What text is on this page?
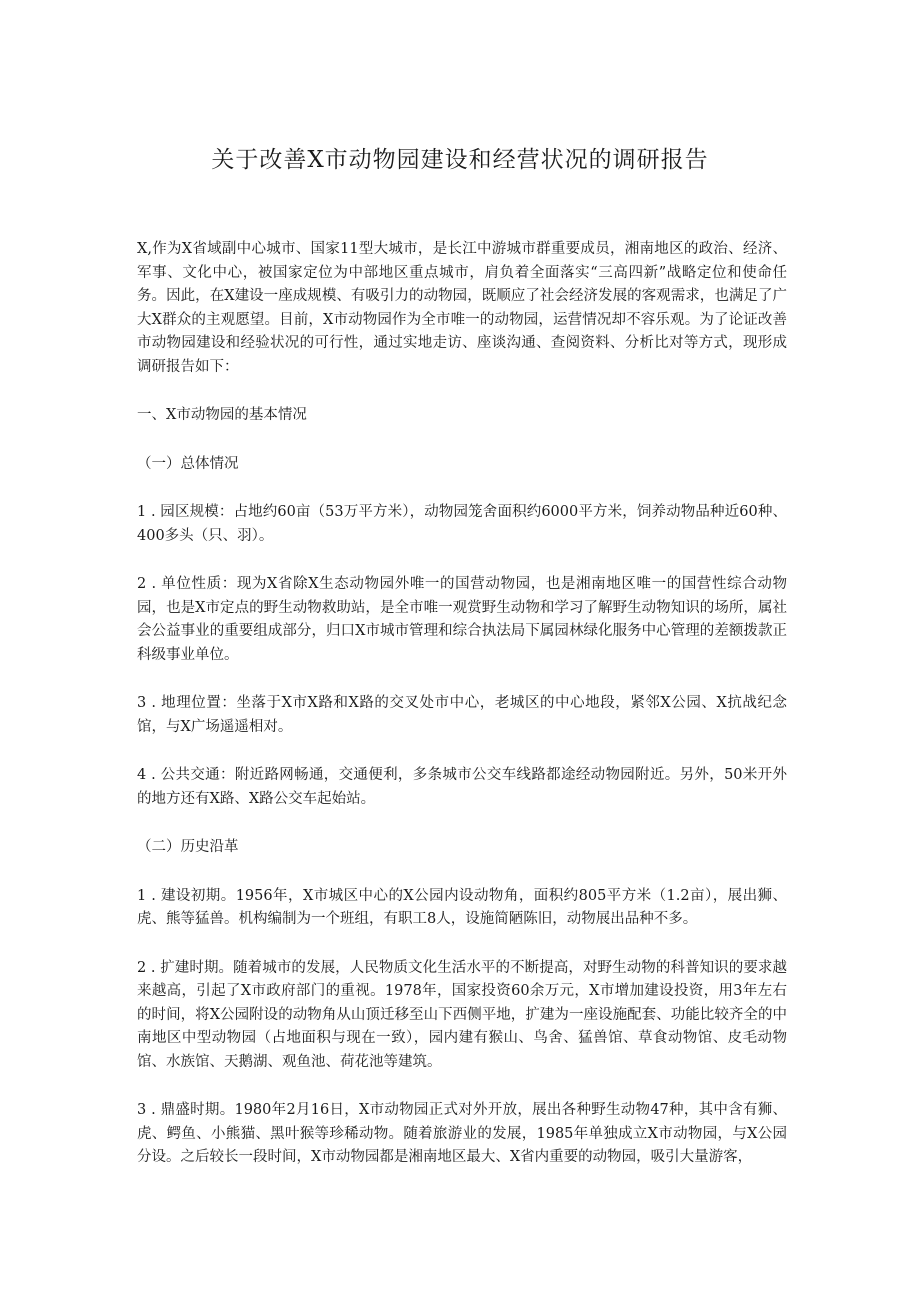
关于改善X市动物园建设和经营状况的调研报告

X,作为X省域副中心城市、国家11型大城市，是长江中游城市群重要成员，湘南地区的政治、经济、军事、文化中心，被国家定位为中部地区重点城市，肩负着全面落实“三高四新”战略定位和使命任务。因此，在X建设一座成规模、有吸引力的动物园，既顺应了社会经济发展的客观需求，也满足了广大X群众的主观愿望。目前，X市动物园作为全市唯一的动物园，运营情况却不容乐观。为了论证改善市动物园建设和经验状况的可行性，通过实地走访、座谈沟通、查阅资料、分析比对等方式，现形成调研报告如下：

一、X市动物园的基本情况

（一）总体情况

1 . 园区规模：占地约60亩（53万平方米），动物园笼舍面积约6000平方米，饲养动物品种近60种、400多头（只、羽）。

2 . 单位性质：现为X省除X生态动物园外唯一的国营动物园，也是湘南地区唯一的国营性综合动物园，也是X市定点的野生动物救助站，是全市唯一观赏野生动物和学习了解野生动物知识的场所，属社会公益事业的重要组成部分，归口X市城市管理和综合执法局下属园林绿化服务中心管理的差额拨款正科级事业单位。

3 . 地理位置：坐落于X市X路和X路的交叉处市中心，老城区的中心地段，紧邻X公园、X抗战纪念馆，与X广场遥遥相对。

4 . 公共交通：附近路网畅通，交通便利，多条城市公交车线路都途经动物园附近。另外，50米开外的地方还有X路、X路公交车起始站。

（二）历史沿革

1 . 建设初期。1956年，X市城区中心的X公园内设动物角，面积约805平方米（1.2亩），展出狮、虎、熊等猛兽。机构编制为一个班组，有职工8人，设施简陋陈旧，动物展出品种不多。

2 . 扩建时期。随着城市的发展，人民物质文化生活水平的不断提高，对野生动物的科普知识的要求越来越高，引起了X市政府部门的重视。1978年，国家投资60余万元，X市增加建设投资，用3年左右的时间，将X公园附设的动物角从山顶迁移至山下西侧平地，扩建为一座设施配套、功能比较齐全的中南地区中型动物园（占地面积与现在一致），园内建有猴山、鸟舍、猛兽馆、草食动物馆、皮毛动物馆、水族馆、天鹅湖、观鱼池、荷花池等建筑。

3 . 鼎盛时期。1980年2月16日，X市动物园正式对外开放，展出各种野生动物47种，其中含有狮、虎、鳄鱼、小熊猫、黑叶猴等珍稀动物。随着旅游业的发展，1985年单独成立X市动物园，与X公园分设。之后较长一段时间，X市动物园都是湘南地区最大、X省内重要的动物园，吸引大量游客，
